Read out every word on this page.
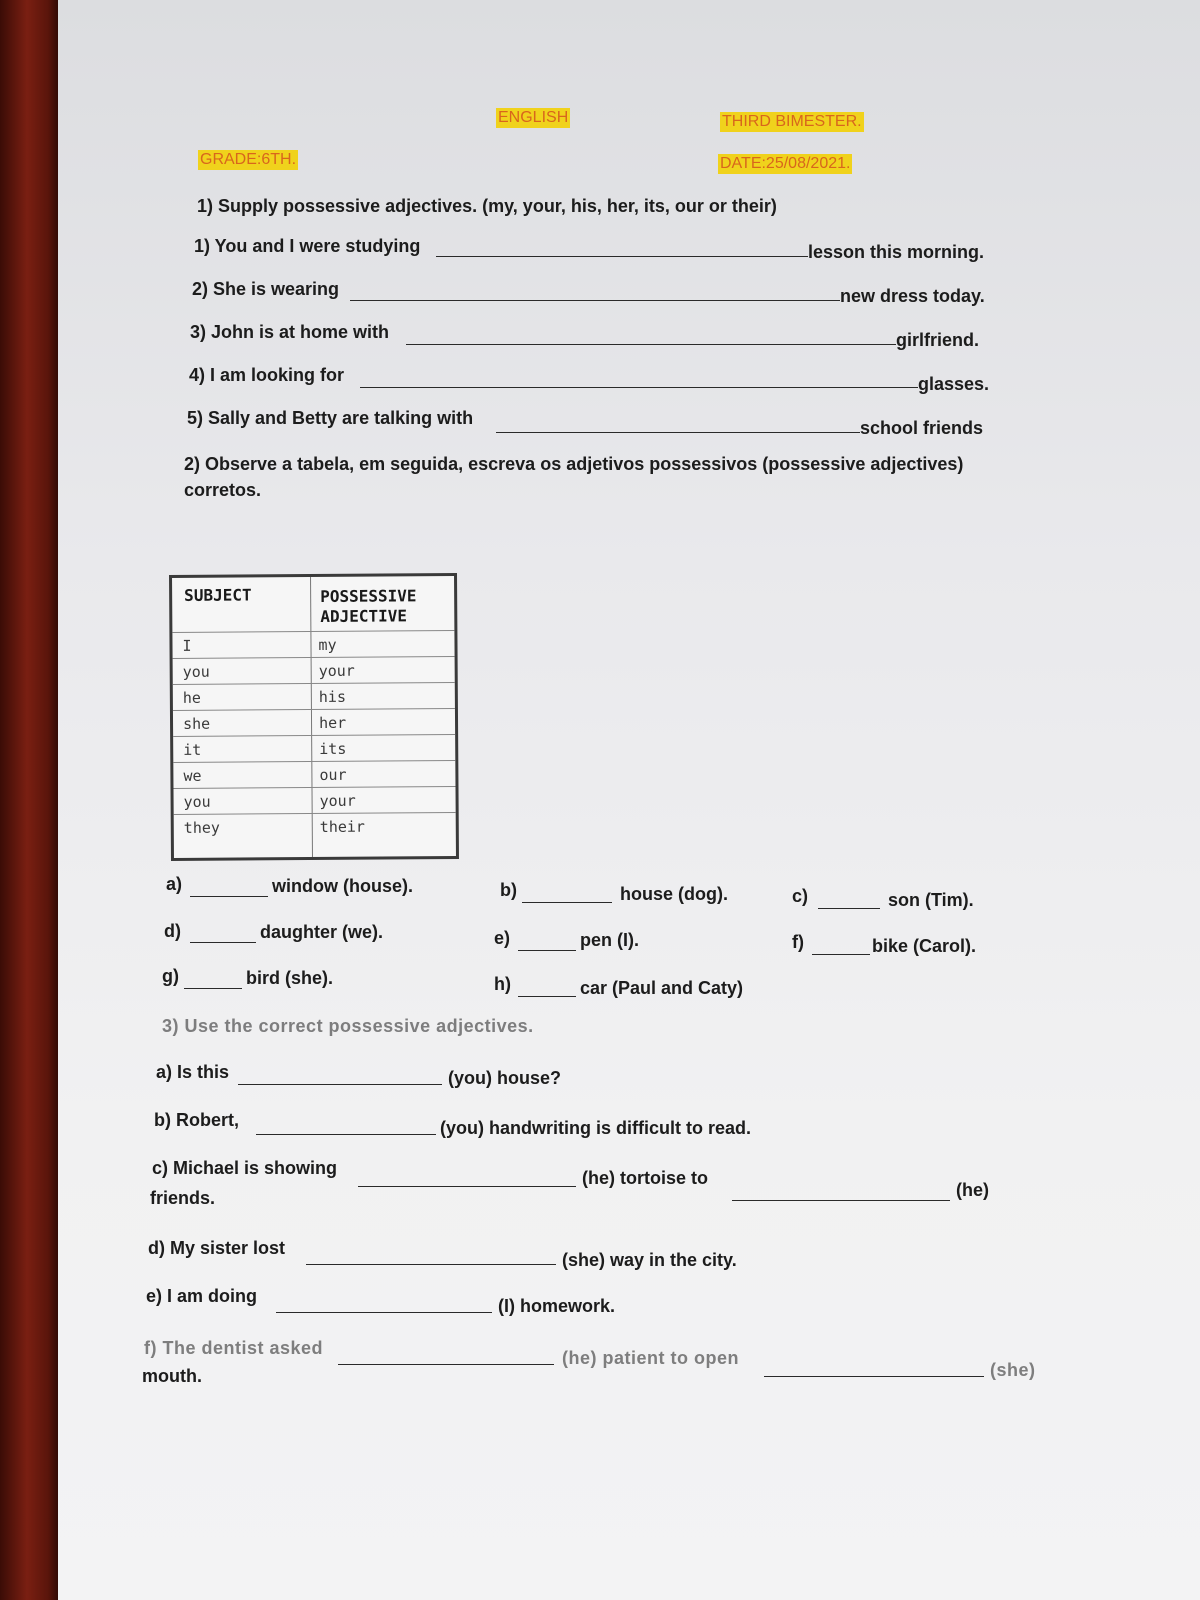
ENGLISH	THIRD BIMESTER.
GRADE:6TH.	DATE:25/08/2021.
1) Supply possessive adjectives. (my, your, his, her, its, our or their)
1) You and I were studying	lesson this morning.
2) She is wearing	new dress today.
3) John is at home with	girlfriend.
4) I am looking for	glasses.
5) Sally and Betty are talking with	school friends
2) Observe a tabela, em seguida, escreva os adjetivos possessivos (possessive adjectives)
corretos.
SUBJECT	POSSESSIVE
ADJECTIVE
I	my
you	your
he	his
she	her
it	its
we	our
you	your
they	their
a)	window (house).	b)	house (dog).	c)	son (Tim).
d)	daughter (we).	e)	pen (I).	f)	bike (Carol).
g)	bird (she).	h)	car (Paul and Caty)
3) Use the correct possessive adjectives.
a) Is this	(you) house?
b) Robert,	(you) handwriting is difficult to read.
c) Michael is showing	(he) tortoise to
(he)
friends.
d) My sister lost
(she) way in the city.
e) I am doing	(I) homework.
f) The dentist asked	(he) patient to open
(she)
mouth.
